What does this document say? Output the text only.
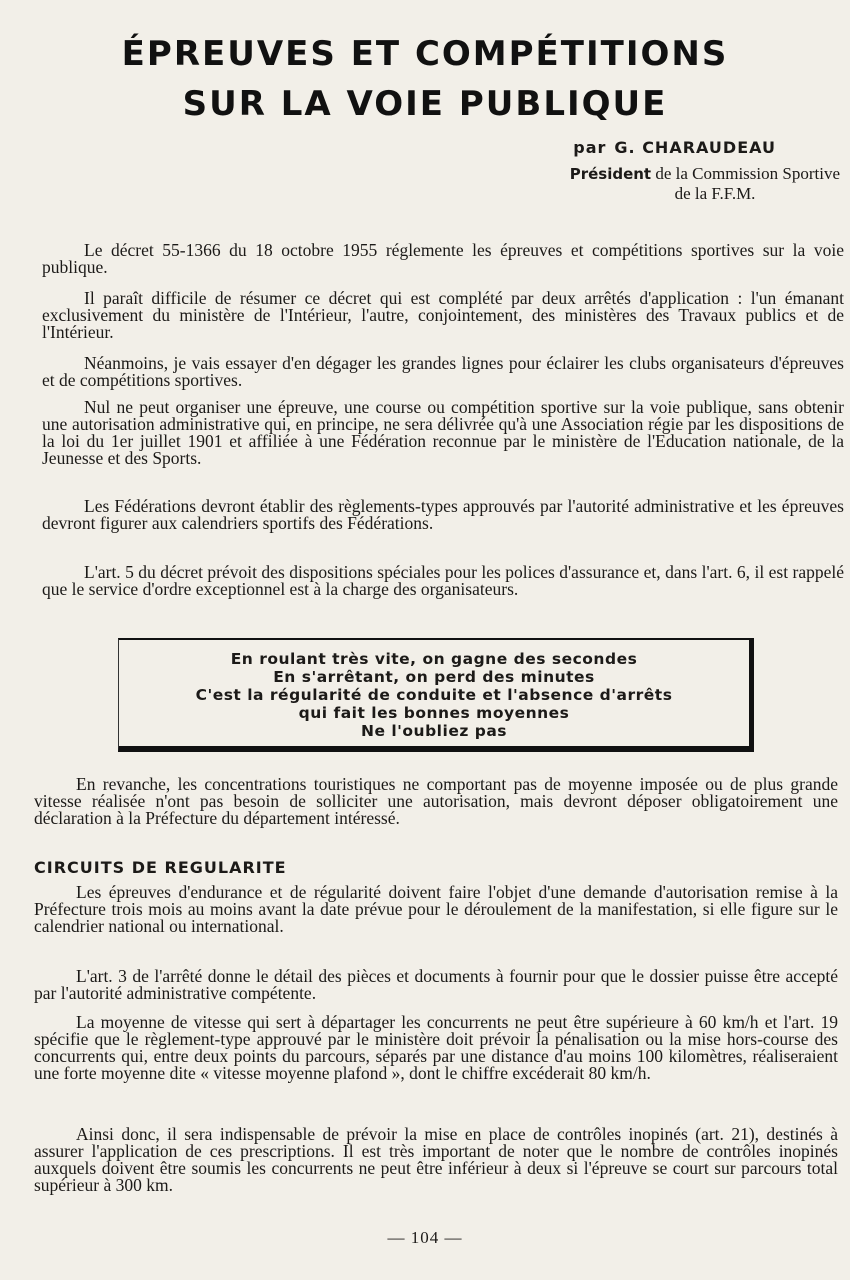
ÉPREUVES ET COMPÉTITIONS
SUR LA VOIE PUBLIQUE
par G. CHARAUDEAU
Président de la Commission Sportive
de la F.F.M.

Le décret 55-1366 du 18 octobre 1955 réglemente les épreuves et compétitions sportives sur la voie publique.

Il paraît difficile de résumer ce décret qui est complété par deux arrêtés d'application : l'un émanant exclusivement du ministère de l'Intérieur, l'autre, conjointement, des ministères des Travaux publics et de l'Intérieur.

Néanmoins, je vais essayer d'en dégager les grandes lignes pour éclairer les clubs organisateurs d'épreuves et de compétitions sportives.

Nul ne peut organiser une épreuve, une course ou compétition sportive sur la voie publique, sans obtenir une autorisation administrative qui, en principe, ne sera délivrée qu'à une Association régie par les dispositions de la loi du 1er juillet 1901 et affiliée à une Fédération reconnue par le ministère de l'Education nationale, de la Jeunesse et des Sports.

Les Fédérations devront établir des règlements-types approuvés par l'autorité administrative et les épreuves devront figurer aux calendriers sportifs des Fédérations.

L'art. 5 du décret prévoit des dispositions spéciales pour les polices d'assurance et, dans l'art. 6, il est rappelé que le service d'ordre exceptionnel est à la charge des organisateurs.

En roulant très vite, on gagne des secondes
En s'arrêtant, on perd des minutes
C'est la régularité de conduite et l'absence d'arrêts
qui fait les bonnes moyennes
Ne l'oubliez pas

En revanche, les concentrations touristiques ne comportant pas de moyenne imposée ou de plus grande vitesse réalisée n'ont pas besoin de solliciter une autorisation, mais devront déposer obligatoirement une déclaration à la Préfecture du département intéressé.

CIRCUITS DE REGULARITE

Les épreuves d'endurance et de régularité doivent faire l'objet d'une demande d'autorisation remise à la Préfecture trois mois au moins avant la date prévue pour le déroulement de la manifestation, si elle figure sur le calendrier national ou international.

L'art. 3 de l'arrêté donne le détail des pièces et documents à fournir pour que le dossier puisse être accepté par l'autorité administrative compétente.

La moyenne de vitesse qui sert à départager les concurrents ne peut être supérieure à 60 km/h et l'art. 19 spécifie que le règlement-type approuvé par le ministère doit prévoir la pénalisation ou la mise hors-course des concurrents qui, entre deux points du parcours, séparés par une distance d'au moins 100 kilomètres, réaliseraient une forte moyenne dite « vitesse moyenne plafond », dont le chiffre excéderait 80 km/h.

Ainsi donc, il sera indispensable de prévoir la mise en place de contrôles inopinés (art. 21), destinés à assurer l'application de ces prescriptions. Il est très important de noter que le nombre de contrôles inopinés auxquels doivent être soumis les concurrents ne peut être inférieur à deux si l'épreuve se court sur parcours total supérieur à 300 km.

— 104 —
